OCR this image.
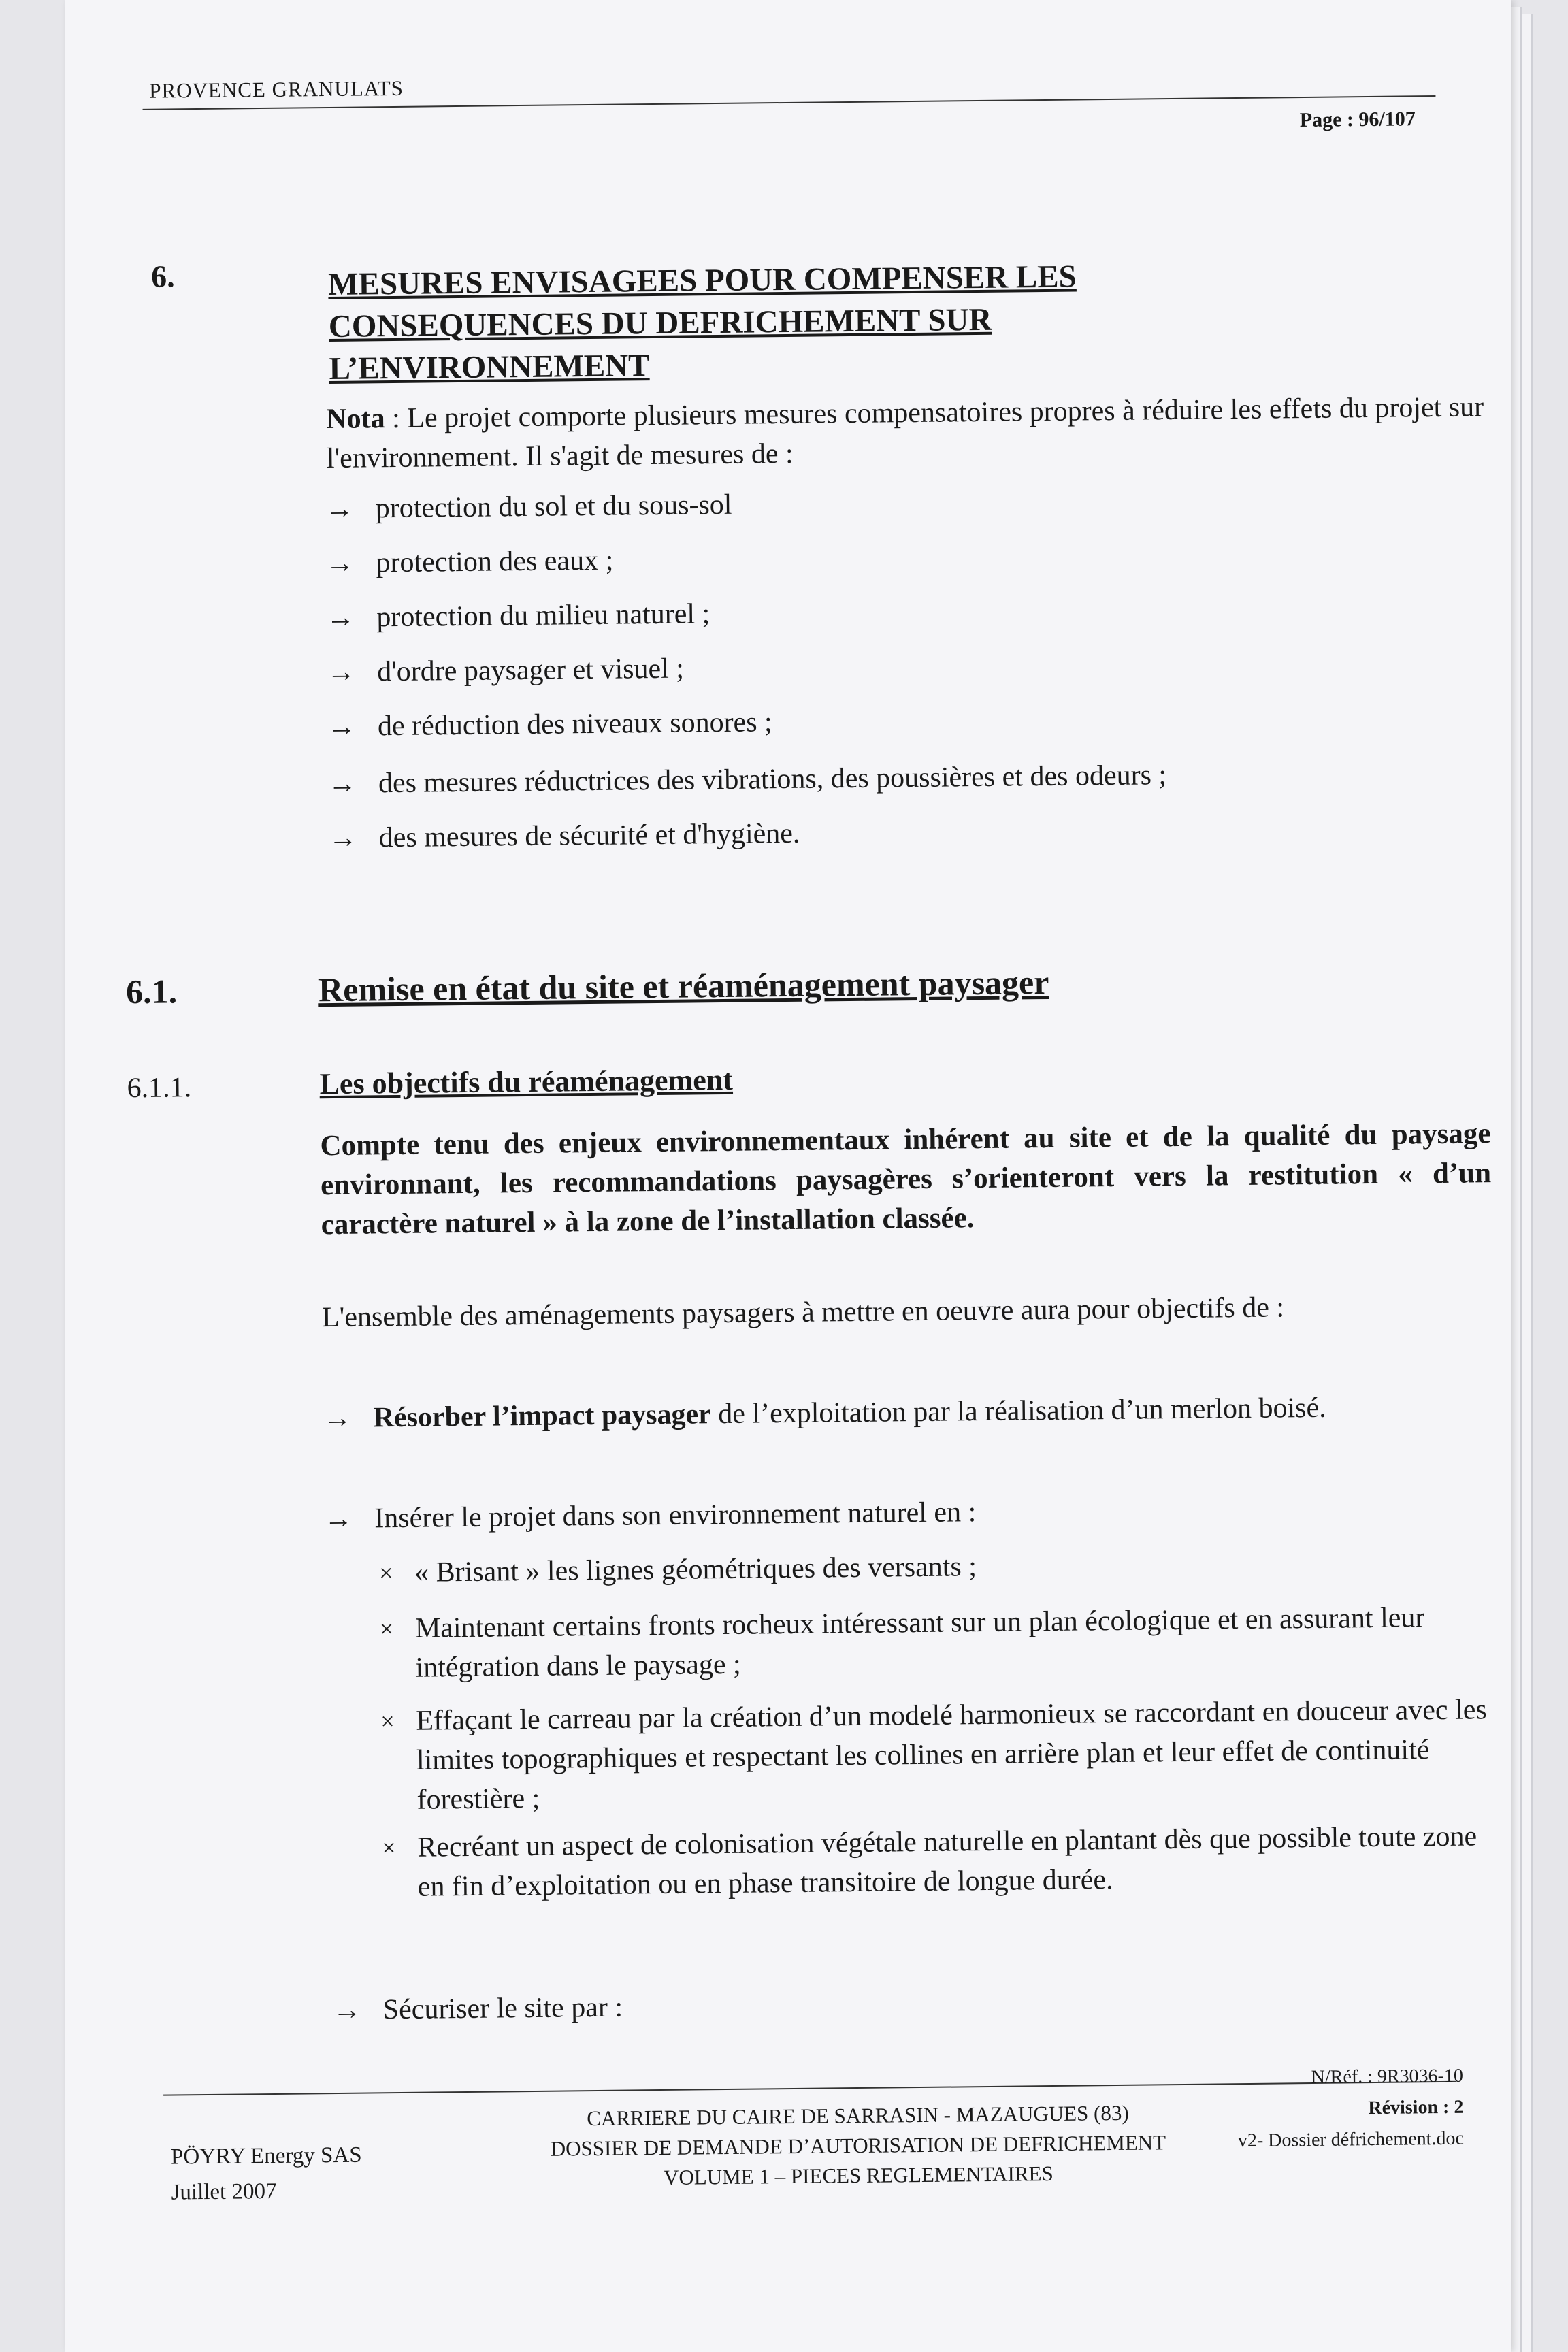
PROVENCE GRANULATS
Page : 96/107
6.	MESURES ENVISAGEES POUR COMPENSER LES CONSEQUENCES DU DEFRICHEMENT SUR L’ENVIRONNEMENT

Nota : Le projet comporte plusieurs mesures compensatoires propres à réduire les effets du projet sur l'environnement. Il s'agit de mesures de :

→ protection du sol et du sous-sol
→ protection des eaux ;
→ protection du milieu naturel ;
→ d'ordre paysager et visuel ;
→ de réduction des niveaux sonores ;
→ des mesures réductrices des vibrations, des poussières et des odeurs ;
→ des mesures de sécurité et d'hygiène.
6.1.	Remise en état du site et réaménagement paysager
6.1.1.	Les objectifs du réaménagement

Compte tenu des enjeux environnementaux inhérent au site et de la qualité du paysage environnant, les recommandations paysagères s’orienteront vers la restitution « d’un caractère naturel » à la zone de l’installation classée.

L'ensemble des aménagements paysagers à mettre en oeuvre aura pour objectifs de :

→ Résorber l’impact paysager de l’exploitation par la réalisation d’un merlon boisé.
→ Insérer le projet dans son environnement naturel en :
× « Brisant » les lignes géométriques des versants ;
× Maintenant certains fronts rocheux intéressant sur un plan écologique et en assurant leur intégration dans le paysage ;
× Effaçant le carreau par la création d’un modelé harmonieux se raccordant en douceur avec les limites topographiques et respectant les collines en arrière plan et leur effet de continuité forestière ;
× Recréant un aspect de colonisation végétale naturelle en plantant dès que possible toute zone en fin d’exploitation ou en phase transitoire de longue durée.
→ Sécuriser le site par :
PÖYRY Energy SAS
Juillet 2007
CARRIERE DU CAIRE DE SARRASIN - MAZAUGUES (83)
DOSSIER DE DEMANDE D’AUTORISATION DE DEFRICHEMENT
VOLUME 1 – PIECES REGLEMENTAIRES
N/Réf. : 9R3036-10
Révision : 2
v2- Dossier défrichement.doc
